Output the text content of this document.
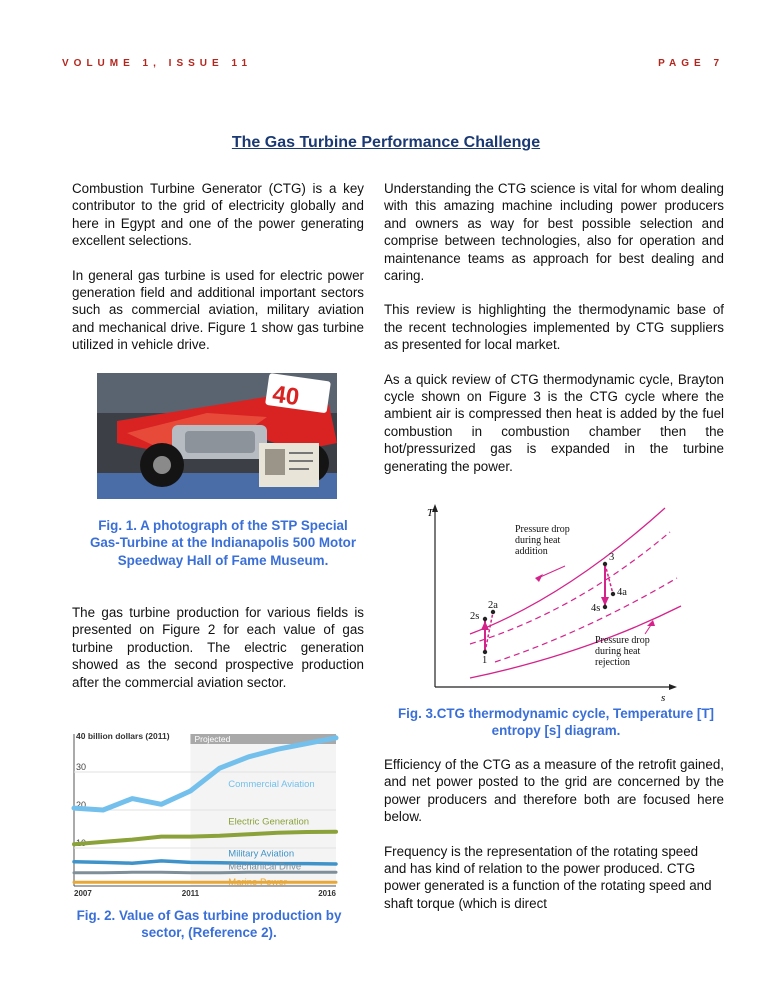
VOLUME 1, ISSUE 11	PAGE 7
The Gas Turbine Performance Challenge

Combustion Turbine Generator (CTG) is a key contributor to the grid of electricity globally and here in Egypt and one of the power generating excellent selections.

In general gas turbine is used for electric power generation field and additional important sectors such as commercial aviation, military aviation and mechanical drive. Figure 1 show gas turbine utilized in vehicle drive.

40
Fig. 1. A photograph of the STP Special Gas-Turbine at the Indianapolis 500 Motor Speedway Hall of Fame Museum.

The gas turbine production for various fields is presented on Figure 2 for each value of gas turbine production. The electric generation showed as the second prospective production after the commercial aviation sector.

Projected
40 billion dollars (2011)
10
20
30
Commercial Aviation
Electric Generation
Military Aviation
Mechanical Drive
Marine Power
2007	2011	2016
Fig. 2. Value of Gas turbine production by sector, (Reference 2).

Understanding the CTG science is vital for whom dealing with this amazing machine including power producers and owners as way for best possible selection and comprise between technologies, also for operation and maintenance teams as approach for best dealing and caring.

This review is highlighting the thermodynamic base of the recent technologies implemented by CTG suppliers as presented for local market.

As a quick review of CTG thermodynamic cycle, Brayton cycle shown on Figure 3 is the CTG cycle where the ambient air is compressed then heat is added by the fuel combustion in combustion chamber then the hot/pressurized gas is expanded in the turbine generating the power.

T
s
1
2a
2s
3
4a
4s
Pressure drop
during heat
addition
Pressure drop
during heat
rejection
Fig. 3.CTG thermodynamic cycle, Temperature [T] entropy [s] diagram.

Efficiency of the CTG as a measure of the retrofit gained, and net power posted to the grid are concerned by the power producers and therefore both are focused here below.

Frequency is the representation of the rotating speed and has kind of relation to the power produced. CTG power generated is a function of the rotating speed and shaft torque (which is direct
